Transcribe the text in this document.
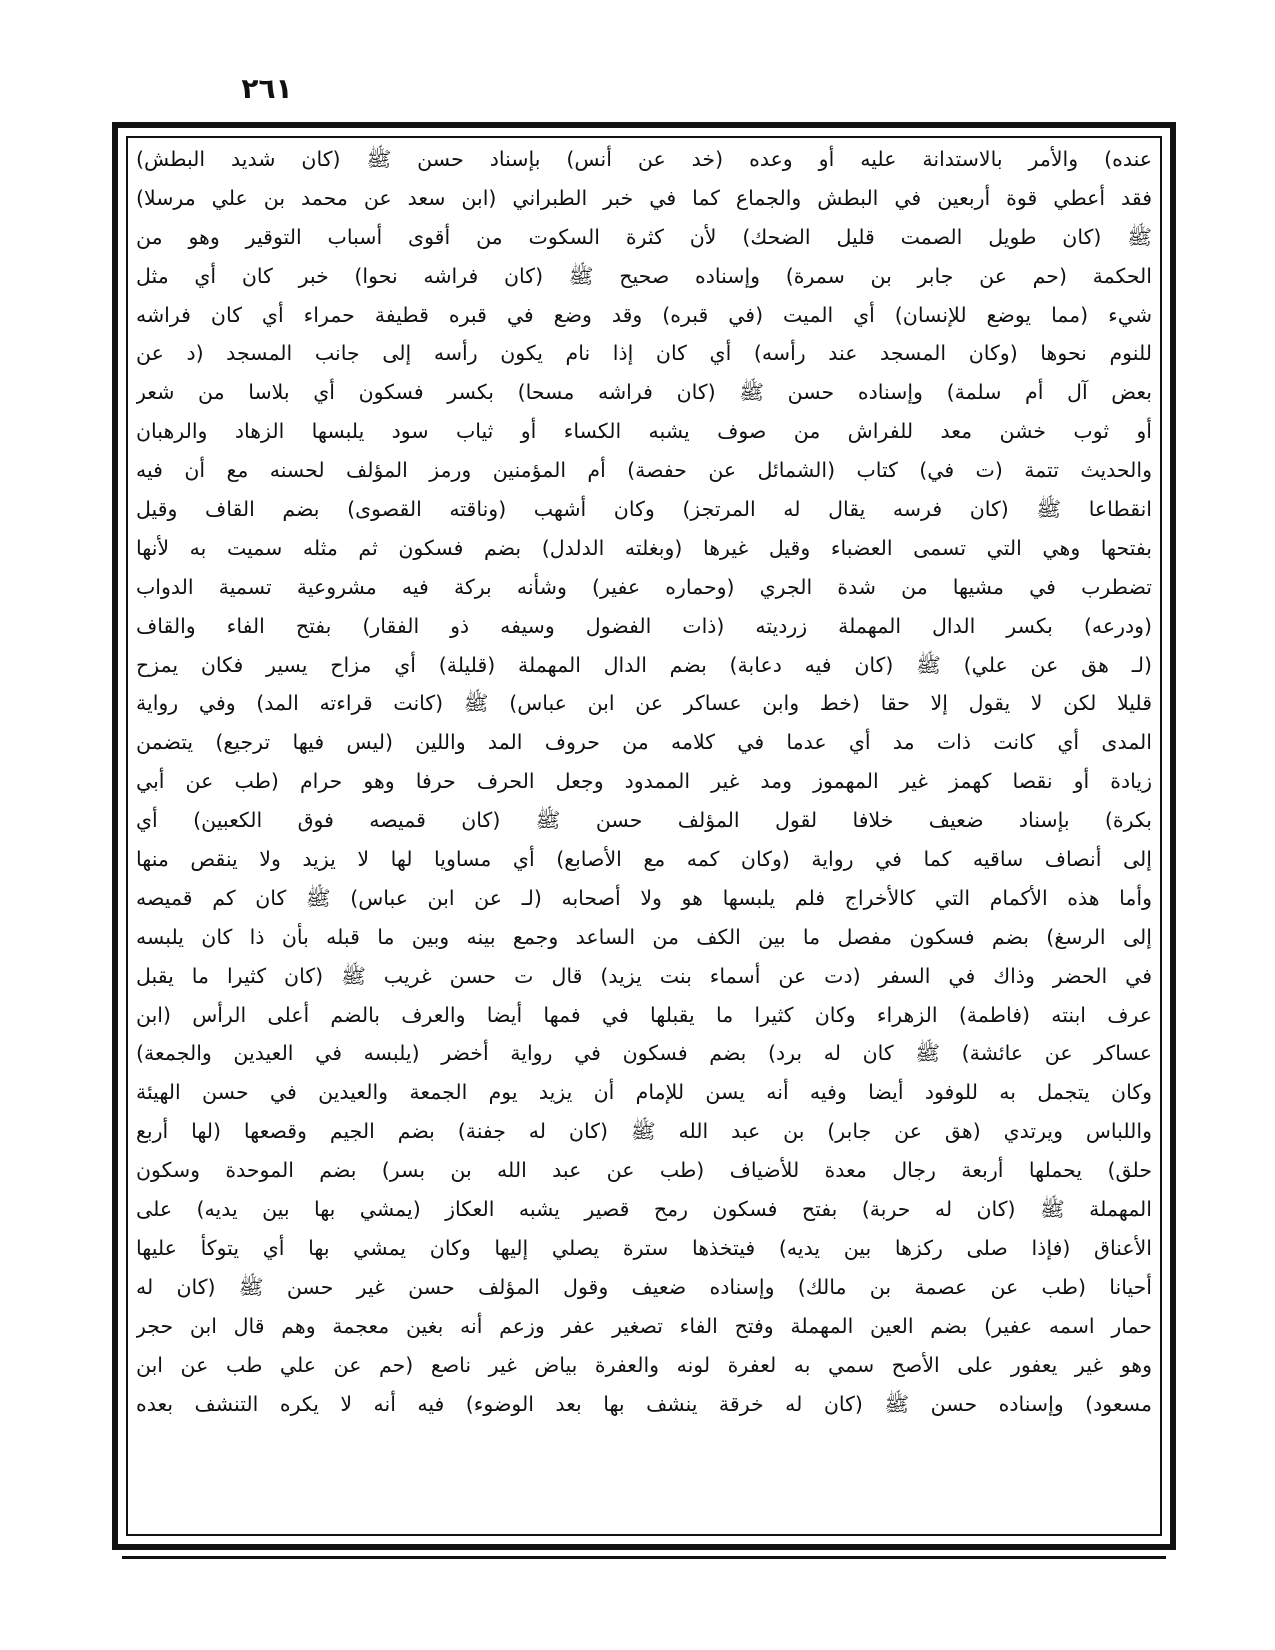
٢٦١
عنده) والأمر بالاستدانة عليه أو وعده (خد عن أنس) بإسناد حسن ﷺ (كان شديد البطش)
فقد أعطي قوة أربعين في البطش والجماع كما في خبر الطبراني (ابن سعد عن محمد بن علي مرسلا)
ﷺ (كان طويل الصمت قليل الضحك) لأن كثرة السكوت من أقوى أسباب التوقير وهو من
الحكمة (حم عن جابر بن سمرة) وإسناده صحيح ﷺ (كان فراشه نحوا) خبر كان أي مثل
شيء (مما يوضع للإنسان) أي الميت (في قبره) وقد وضع في قبره قطيفة حمراء أي كان فراشه
للنوم نحوها (وكان المسجد عند رأسه) أي كان إذا نام يكون رأسه إلى جانب المسجد (د عن
بعض آل أم سلمة) وإسناده حسن ﷺ (كان فراشه مسحا) بكسر فسكون أي بلاسا من شعر
أو ثوب خشن معد للفراش من صوف يشبه الكساء أو ثياب سود يلبسها الزهاد والرهبان
والحديث تتمة (ت في) كتاب (الشمائل عن حفصة) أم المؤمنين ورمز المؤلف لحسنه مع أن فيه
انقطاعا ﷺ (كان فرسه يقال له المرتجز) وكان أشهب (وناقته القصوى) بضم القاف وقيل
بفتحها وهي التي تسمى العضباء وقيل غيرها (وبغلته الدلدل) بضم فسكون ثم مثله سميت به لأنها
تضطرب في مشيها من شدة الجري (وحماره عفير) وشأنه بركة فيه مشروعية تسمية الدواب
(ودرعه) بكسر الدال المهملة زرديته (ذات الفضول وسيفه ذو الفقار) بفتح الفاء والقاف
(لـ هق عن علي) ﷺ (كان فيه دعابة) بضم الدال المهملة (قليلة) أي مزاح يسير فكان يمزح
قليلا لكن لا يقول إلا حقا (خط وابن عساكر عن ابن عباس) ﷺ (كانت قراءته المد) وفي رواية
المدى أي كانت ذات مد أي عدما في كلامه من حروف المد واللين (ليس فيها ترجيع) يتضمن
زيادة أو نقصا كهمز غير المهموز ومد غير الممدود وجعل الحرف حرفا وهو حرام (طب عن أبي
بكرة) بإسناد ضعيف خلافا لقول المؤلف حسن ﷺ (كان قميصه فوق الكعبين) أي
إلى أنصاف ساقيه كما في رواية (وكان كمه مع الأصابع) أي مساويا لها لا يزيد ولا ينقص منها
وأما هذه الأكمام التي كالأخراج فلم يلبسها هو ولا أصحابه (لـ عن ابن عباس) ﷺ كان كم قميصه
إلى الرسغ) بضم فسكون مفصل ما بين الكف من الساعد وجمع بينه وبين ما قبله بأن ذا كان يلبسه
في الحضر وذاك في السفر (دت عن أسماء بنت يزيد) قال ت حسن غريب ﷺ (كان كثيرا ما يقبل
عرف ابنته (فاطمة) الزهراء وكان كثيرا ما يقبلها في فمها أيضا والعرف بالضم أعلى الرأس (ابن
عساكر عن عائشة) ﷺ كان له برد) بضم فسكون في رواية أخضر (يلبسه في العيدين والجمعة)
وكان يتجمل به للوفود أيضا وفيه أنه يسن للإمام أن يزيد يوم الجمعة والعيدين في حسن الهيئة
واللباس ويرتدي (هق عن جابر) بن عبد الله ﷺ (كان له جفنة) بضم الجيم وقصعها (لها أربع
حلق) يحملها أربعة رجال معدة للأضياف (طب عن عبد الله بن بسر) بضم الموحدة وسكون
المهملة ﷺ (كان له حربة) بفتح فسكون رمح قصير يشبه العكاز (يمشي بها بين يديه) على
الأعناق (فإذا صلى ركزها بين يديه) فيتخذها سترة يصلي إليها وكان يمشي بها أي يتوكأ عليها
أحيانا (طب عن عصمة بن مالك) وإسناده ضعيف وقول المؤلف حسن غير حسن ﷺ (كان له
حمار اسمه عفير) بضم العين المهملة وفتح الفاء تصغير عفر وزعم أنه بغين معجمة وهم قال ابن حجر
وهو غير يعفور على الأصح سمي به لعفرة لونه والعفرة بياض غير ناصع (حم عن علي طب عن ابن
مسعود) وإسناده حسن ﷺ (كان له خرقة ينشف بها بعد الوضوء) فيه أنه لا يكره التنشف بعده
